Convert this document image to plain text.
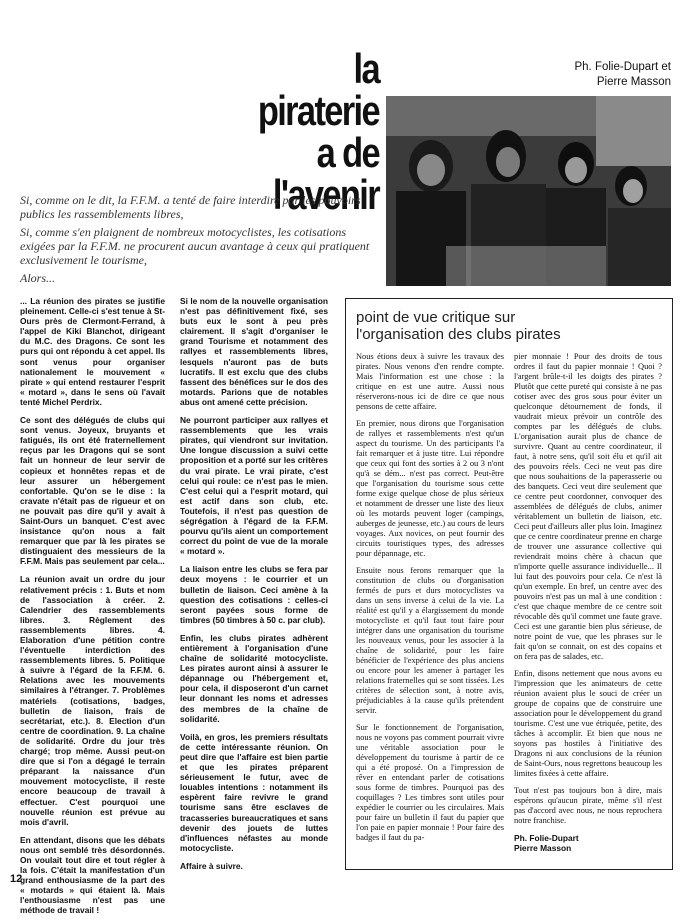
la piraterie
a de
l'avenir
Ph. Folie-Dupart et
Pierre Masson

Si, comme on le dit, la F.F.M. a tenté de faire interdire par les pouvoirs publics les rassemblements libres,

Si, comme s'en plaignent de nombreux motocyclistes, les cotisations exigées par la F.F.M. ne procurent aucun avantage à ceux qui pratiquent exclusivement le tourisme,

Alors...

... La réunion des pirates se justifie pleinement. Celle-ci s'est tenue à St-Ours près de Clermont-Ferrand, à l'appel de Kiki Blanchot, dirigeant du M.C. des Dragons. Ce sont les purs qui ont répondu à cet appel. Ils sont venus pour organiser nationalement le mouvement « pirate » qui entend restaurer l'esprit « motard », dans le sens où l'avait tenté Michel Perdrix.

Ce sont des délégués de clubs qui sont venus. Joyeux, bruyants et fatigués, ils ont été fraternellement reçus par les Dragons qui se sont fait un honneur de leur servir de copieux et honnêtes repas et de leur assurer un hébergement confortable. Qu'on se le dise : la cravate n'était pas de rigueur et on ne pouvait pas dire qu'il y avait à Saint-Ours un banquet. C'est avec insistance qu'on nous a fait remarquer que par là les pirates se distinguaient des messieurs de la F.F.M. Mais pas seulement par cela...

La réunion avait un ordre du jour relativement précis : 1. Buts et nom de l'association à créer. 2. Calendrier des rassemblements libres. 3. Règlement des rassemblements libres. 4. Elaboration d'une pétition contre l'éventuelle interdiction des rassemblements libres. 5. Politique à suivre à l'égard de la F.F.M. 6. Relations avec les mouvements similaires à l'étranger. 7. Problèmes matériels (cotisations, badges, bulletin de liaison, frais de secrétariat, etc.). 8. Election d'un centre de coordination. 9. La chaîne de solidarité. Ordre du jour très chargé; trop même. Aussi peut-on dire que si l'on a dégagé le terrain préparant la naissance d'un mouvement motocycliste, il reste encore beaucoup de travail à effectuer. C'est pourquoi une nouvelle réunion est prévue au mois d'avril.

En attendant, disons que les débats nous ont semblé très désordonnés. On voulait tout dire et tout régler à la fois. C'était la manifestation d'un grand enthousiasme de la part des « motards » qui étaient là. Mais l'enthousiasme n'est pas une méthode de travail !

Si le nom de la nouvelle organisation n'est pas définitivement fixé, ses buts eux le sont à peu près clairement. Il s'agit d'organiser le grand Tourisme et notamment des rallyes et rassemblements libres, lesquels n'auront pas de buts lucratifs. Il est exclu que des clubs fassent des bénéfices sur le dos des motards. Parions que de notables abus ont amené cette précision.

Ne pourront participer aux rallyes et rassemblements que les vrais pirates, qui viendront sur invitation. Une longue discussion a suivi cette proposition et a porté sur les critères du vrai pirate. Le vrai pirate, c'est celui qui roule: ce n'est pas le mien. C'est celui qui a l'esprit motard, qui est actif dans son club, etc. Toutefois, il n'est pas question de ségrégation à l'égard de la F.F.M. pourvu qu'ils aient un comportement correct du point de vue de la morale « motard ».

La liaison entre les clubs se fera par deux moyens : le courrier et un bulletin de liaison. Ceci amène à la question des cotisations : celles-ci seront payées sous forme de timbres (50 timbres à 50 c. par club).

Enfin, les clubs pirates adhèrent entièrement à l'organisation d'une chaîne de solidarité motocycliste. Les pirates auront ainsi à assurer le dépannage ou l'hébergement et, pour cela, il disposeront d'un carnet leur donnant les noms et adresses des membres de la chaîne de solidarité.

Voilà, en gros, les premiers résultats de cette intéressante réunion. On peut dire que l'affaire est bien partie et que les pirates préparent sérieusement le futur, avec de louables intentions : notamment ils espèrent faire revivre le grand tourisme sans être esclaves de tracasseries bureaucratiques et sans devenir des jouets de luttes d'influences néfastes au monde motocycliste.

Affaire à suivre.

point de vue critique sur
l'organisation des clubs pirates

Nous étions deux à suivre les travaux des pirates. Nous venons d'en rendre compte. Mais l'information est une chose : la critique en est une autre. Aussi nous réserverons-nous ici de dire ce que nous pensons de cette affaire.

En premier, nous dirons que l'organisation de rallyes et rassemblements n'est qu'un aspect du tourisme. Un des participants l'a fait remarquer et à juste titre. Lui répondre que ceux qui font des sorties à 2 ou 3 n'ont qu'à se dém... n'est pas correct. Peut-être que l'organisation du tourisme sous cette forme exige quelque chose de plus sérieux et notamment de dresser une liste des lieux où les motards peuvent loger (campings, auberges de jeunesse, etc.) au cours de leurs voyages. Aux novices, on peut fournir des circuits touristiques types, des adresses pour dépannage, etc.

Ensuite nous ferons remarquer que la constitution de clubs ou d'organisation fermés de purs et durs motocyclistes va dans un sens inverse à celui de la vie. La réalité est qu'il y a élargissement du monde motocycliste et qu'il faut tout faire pour intégrer dans une organisation du tourisme les nouveaux venus, pour les associer à la chaîne de solidarité, pour les faire bénéficier de l'expérience des plus anciens ou encore pour les amener à partager les relations fraternelles qui se sont tissées. Les critères de sélection sont, à notre avis, préjudiciables à la cause qu'ils prétendent servir.

Sur le fonctionnement de l'organisation, nous ne voyons pas comment pourrait vivre une véritable association pour le développement du tourisme à partir de ce qui a été proposé. On a l'impression de rêver en entendant parler de cotisations sous forme de timbres. Pourquoi pas des coquillages ? Les timbres sont utiles pour expédier le courrier ou les circulaires. Mais pour faire un bulletin il faut du papier que l'on paie en papier monnaie ! Pour faire des badges il faut du pa-

pier monnaie ! Pour des droits de tous ordres il faut du papier monnaie ! Quoi ? l'argent brûle-t-il les doigts des pirates ? Plutôt que cette pureté qui consiste à ne pas cotiser avec des gros sous pour éviter un quelconque détournement de fonds, il vaudrait mieux prévoir un contrôle des comptes par les délégués de clubs. L'organisation aurait plus de chance de survivre. Quant au centre coordinateur, il faut, à notre sens, qu'il soit élu et qu'il ait des pouvoirs réels. Ceci ne veut pas dire que nous souhaitions de la paperasserie ou des banquets. Ceci veut dire seulement que ce centre peut coordonner, convoquer des assemblées de délégués de clubs, animer véritablement un bulletin de liaison, etc. Ceci peut d'ailleurs aller plus loin. Imaginez que ce centre coordinateur prenne en charge de trouver une assurance collective qui reviendrait moins chère à chacun que n'importe quelle assurance individuelle... Il lui faut des pouvoirs pour cela. Ce n'est là qu'un exemple. En bref, un centre avec des pouvoirs n'est pas un mal à une condition : c'est que chaque membre de ce centre soit révocable dès qu'il commet une faute grave. Ceci est une garantie bien plus sérieuse, de notre point de vue, que les phrases sur le fait qu'on se connait, on est des copains et on fera pas de salades, etc.

Enfin, disons nettement que nous avons eu l'impression que les animateurs de cette réunion avaient plus le souci de créer un groupe de copains que de construire une association pour le développement du grand tourisme. C'est une vue étriquée, petite, des tâches à accomplir. Et bien que nous ne soyons pas hostiles à l'initiative des Dragons ni aux conclusions de la réunion de Saint-Ours, nous regrettons beaucoup les limites fixées à cette affaire.

Tout n'est pas toujours bon à dire, mais espérons qu'aucun pirate, même s'il n'est pas d'accord avec nous, ne nous reprochera notre franchise.

Ph. Folie-Dupart
Pierre Masson
12
